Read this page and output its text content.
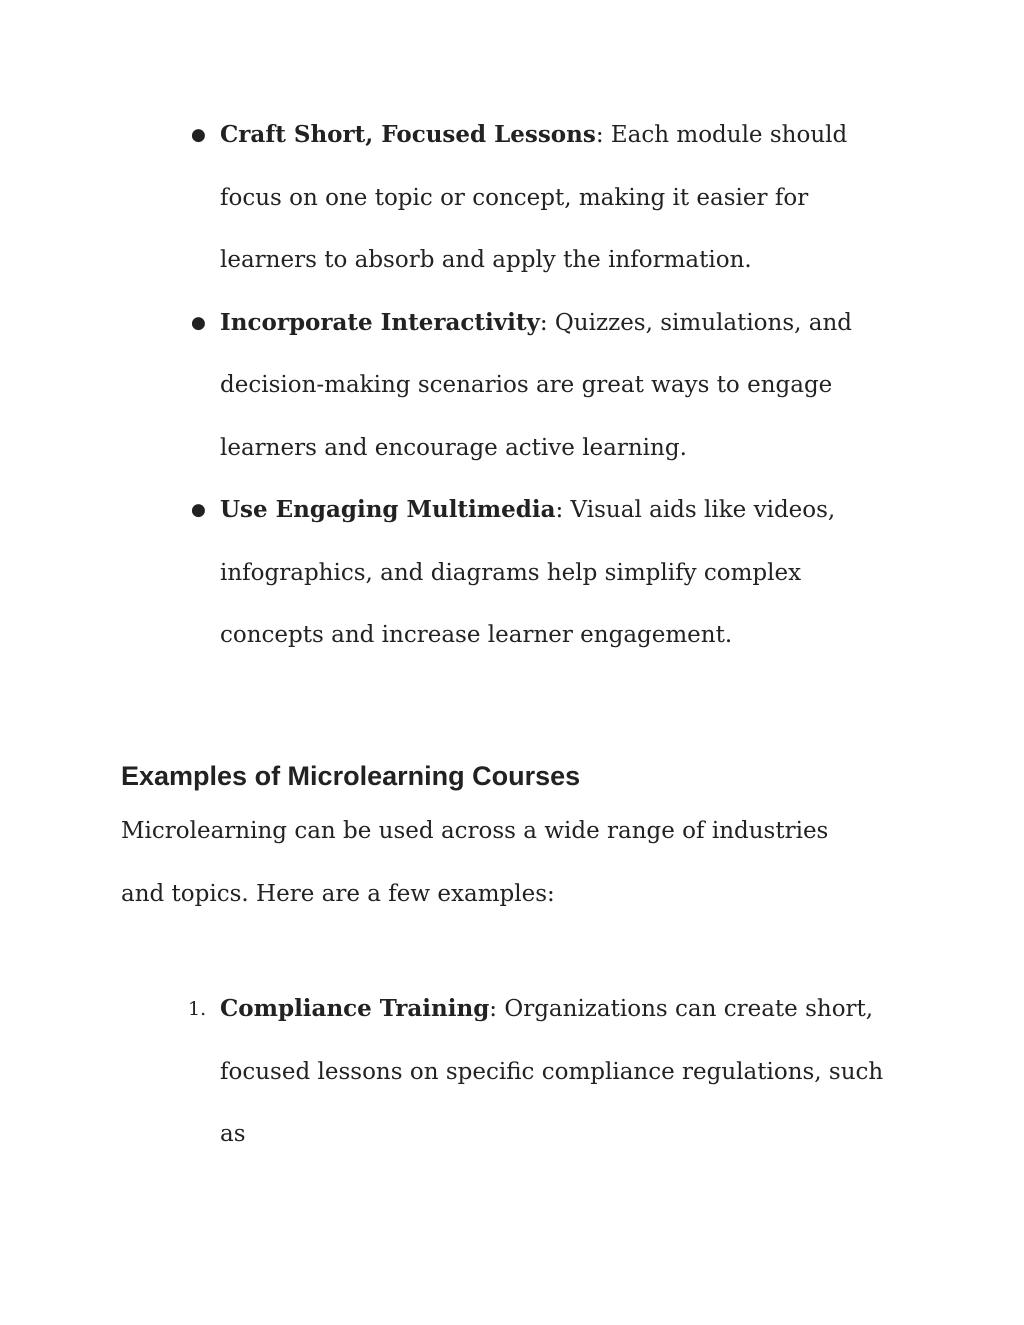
● Craft Short, Focused Lessons: Each module should focus on one topic or concept, making it easier for learners to absorb and apply the information.
● Incorporate Interactivity: Quizzes, simulations, and decision-making scenarios are great ways to engage learners and encourage active learning.
● Use Engaging Multimedia: Visual aids like videos, infographics, and diagrams help simplify complex concepts and increase learner engagement.
Examples of Microlearning Courses

Microlearning can be used across a wide range of industries and topics. Here are a few examples:

1. Compliance Training: Organizations can create short, focused lessons on specific compliance regulations, such as
